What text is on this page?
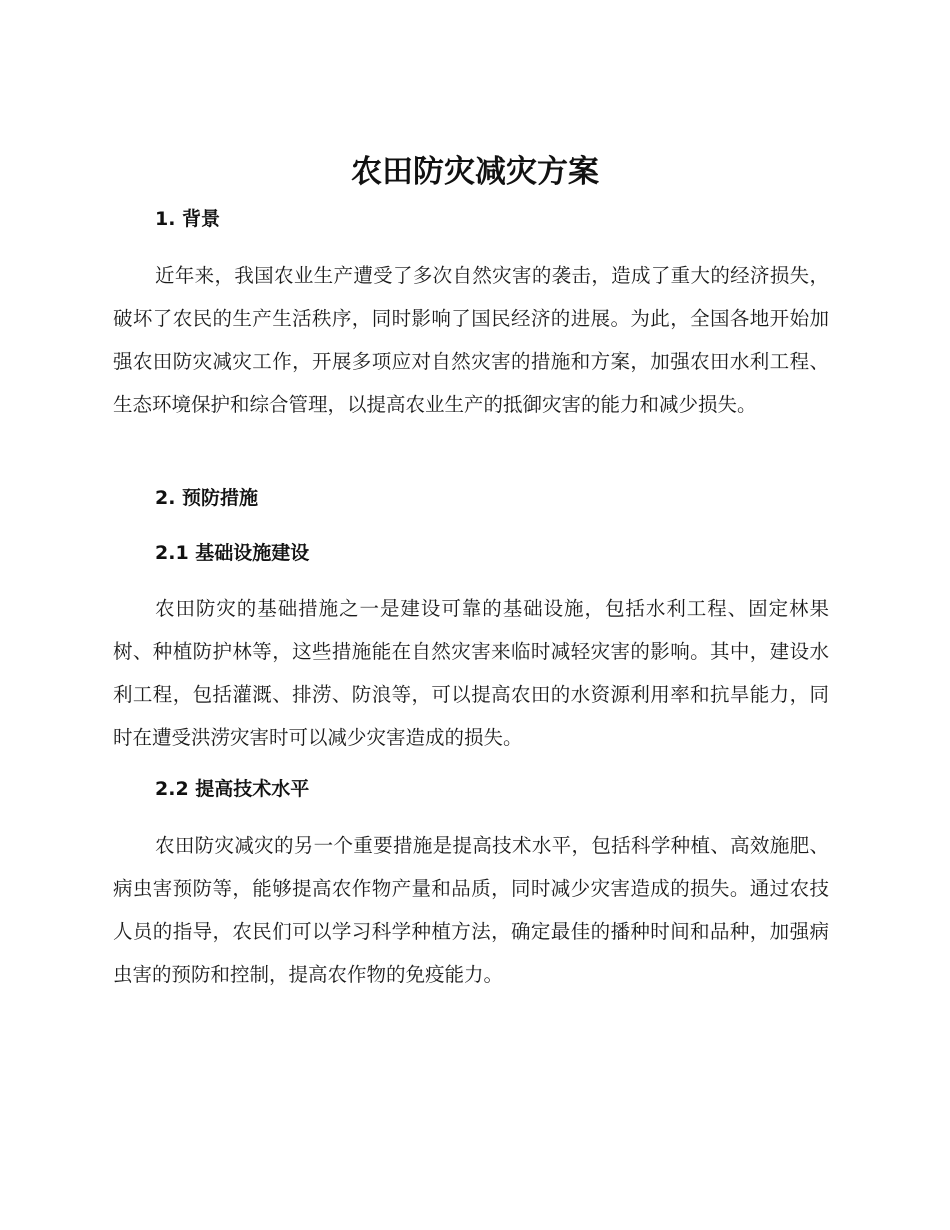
农田防灾减灾方案
1. 背景

近年来，我国农业生产遭受了多次自然灾害的袭击，造成了重大的经济损失，破坏了农民的生产生活秩序，同时影响了国民经济的进展。为此，全国各地开始加强农田防灾减灾工作，开展多项应对自然灾害的措施和方案，加强农田水利工程、生态环境保护和综合管理，以提高农业生产的抵御灾害的能力和减少损失。

2. 预防措施
2.1 基础设施建设

农田防灾的基础措施之一是建设可靠的基础设施，包括水利工程、固定林果树、种植防护林等，这些措施能在自然灾害来临时减轻灾害的影响。其中，建设水利工程，包括灌溉、排涝、防浪等，可以提高农田的水资源利用率和抗旱能力，同时在遭受洪涝灾害时可以减少灾害造成的损失。

2.2 提高技术水平

农田防灾减灾的另一个重要措施是提高技术水平，包括科学种植、高效施肥、病虫害预防等，能够提高农作物产量和品质，同时减少灾害造成的损失。通过农技人员的指导，农民们可以学习科学种植方法，确定最佳的播种时间和品种，加强病虫害的预防和控制，提高农作物的免疫能力。
